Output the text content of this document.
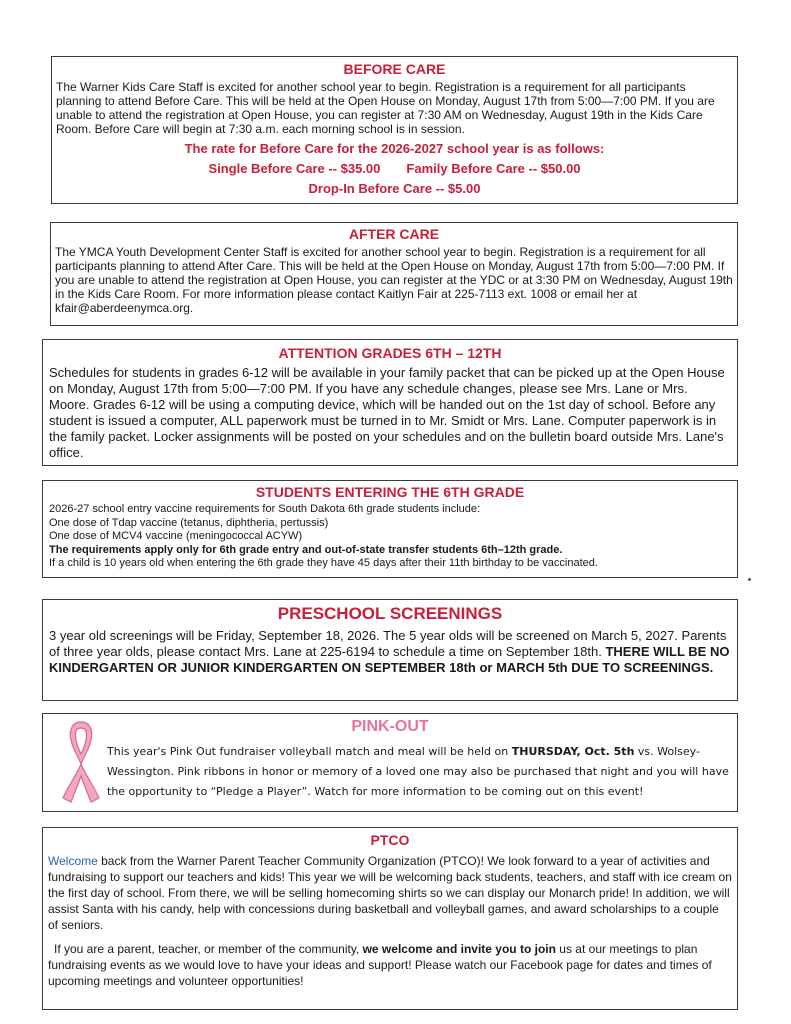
BEFORE CARE
The Warner Kids Care Staff is excited for another school year to begin. Registration is a requirement for all participants planning to attend Before Care. This will be held at the Open House on Monday, August 17th from 5:00—7:00 PM. If you are unable to attend the registration at Open House, you can register at 7:30 AM on Wednesday, August 19th in the Kids Care Room. Before Care will begin at 7:30 a.m. each morning school is in session.
The rate for Before Care for the 2026-2027 school year is as follows:
Single Before Care -- $35.00 Family Before Care -- $50.00
Drop-In Before Care -- $5.00
AFTER CARE
The YMCA Youth Development Center Staff is excited for another school year to begin. Registration is a requirement for all participants planning to attend After Care. This will be held at the Open House on Monday, August 17th from 5:00—7:00 PM. If you are unable to attend the registration at Open House, you can register at the YDC or at 3:30 PM on Wednesday, August 19th in the Kids Care Room. For more information please contact Kaitlyn Fair at 225-7113 ext. 1008 or email her at kfair@aberdeenymca.org.
ATTENTION GRADES 6TH – 12TH
Schedules for students in grades 6-12 will be available in your family packet that can be picked up at the Open House on Monday, August 17th from 5:00—7:00 PM. If you have any schedule changes, please see Mrs. Lane or Mrs. Moore. Grades 6-12 will be using a computing device, which will be handed out on the 1st day of school. Before any student is issued a computer, ALL paperwork must be turned in to Mr. Smidt or Mrs. Lane. Computer paperwork is in the family packet. Locker assignments will be posted on your schedules and on the bulletin board outside Mrs. Lane's office.
STUDENTS ENTERING THE 6TH GRADE
2026-27 school entry vaccine requirements for South Dakota 6th grade students include:
One dose of Tdap vaccine (tetanus, diphtheria, pertussis)
One dose of MCV4 vaccine (meningococcal ACYW)
The requirements apply only for 6th grade entry and out-of-state transfer students 6th–12th grade.
If a child is 10 years old when entering the 6th grade they have 45 days after their 11th birthday to be vaccinated.
PRESCHOOL SCREENINGS
3 year old screenings will be Friday, September 18, 2026. The 5 year olds will be screened on March 5, 2027. Parents of three year olds, please contact Mrs. Lane at 225-6194 to schedule a time on September 18th. THERE WILL BE NO KINDERGARTEN OR JUNIOR KINDERGARTEN ON SEPTEMBER 18th or MARCH 5th DUE TO SCREENINGS.
PINK-OUT
This year's Pink Out fundraiser volleyball match and meal will be held on THURSDAY, Oct. 5th vs. Wolsey-Wessington. Pink ribbons in honor or memory of a loved one may also be purchased that night and you will have the opportunity to “Pledge a Player”. Watch for more information to be coming out on this event!
PTCO
Welcome back from the Warner Parent Teacher Community Organization (PTCO)! We look forward to a year of activities and fundraising to support our teachers and kids! This year we will be welcoming back students, teachers, and staff with ice cream on the first day of school. From there, we will be selling homecoming shirts so we can display our Monarch pride! In addition, we will assist Santa with his candy, help with concessions during basketball and volleyball games, and award scholarships to a couple of seniors.
If you are a parent, teacher, or member of the community, we welcome and invite you to join us at our meetings to plan fundraising events as we would love to have your ideas and support! Please watch our Facebook page for dates and times of upcoming meetings and volunteer opportunities!
